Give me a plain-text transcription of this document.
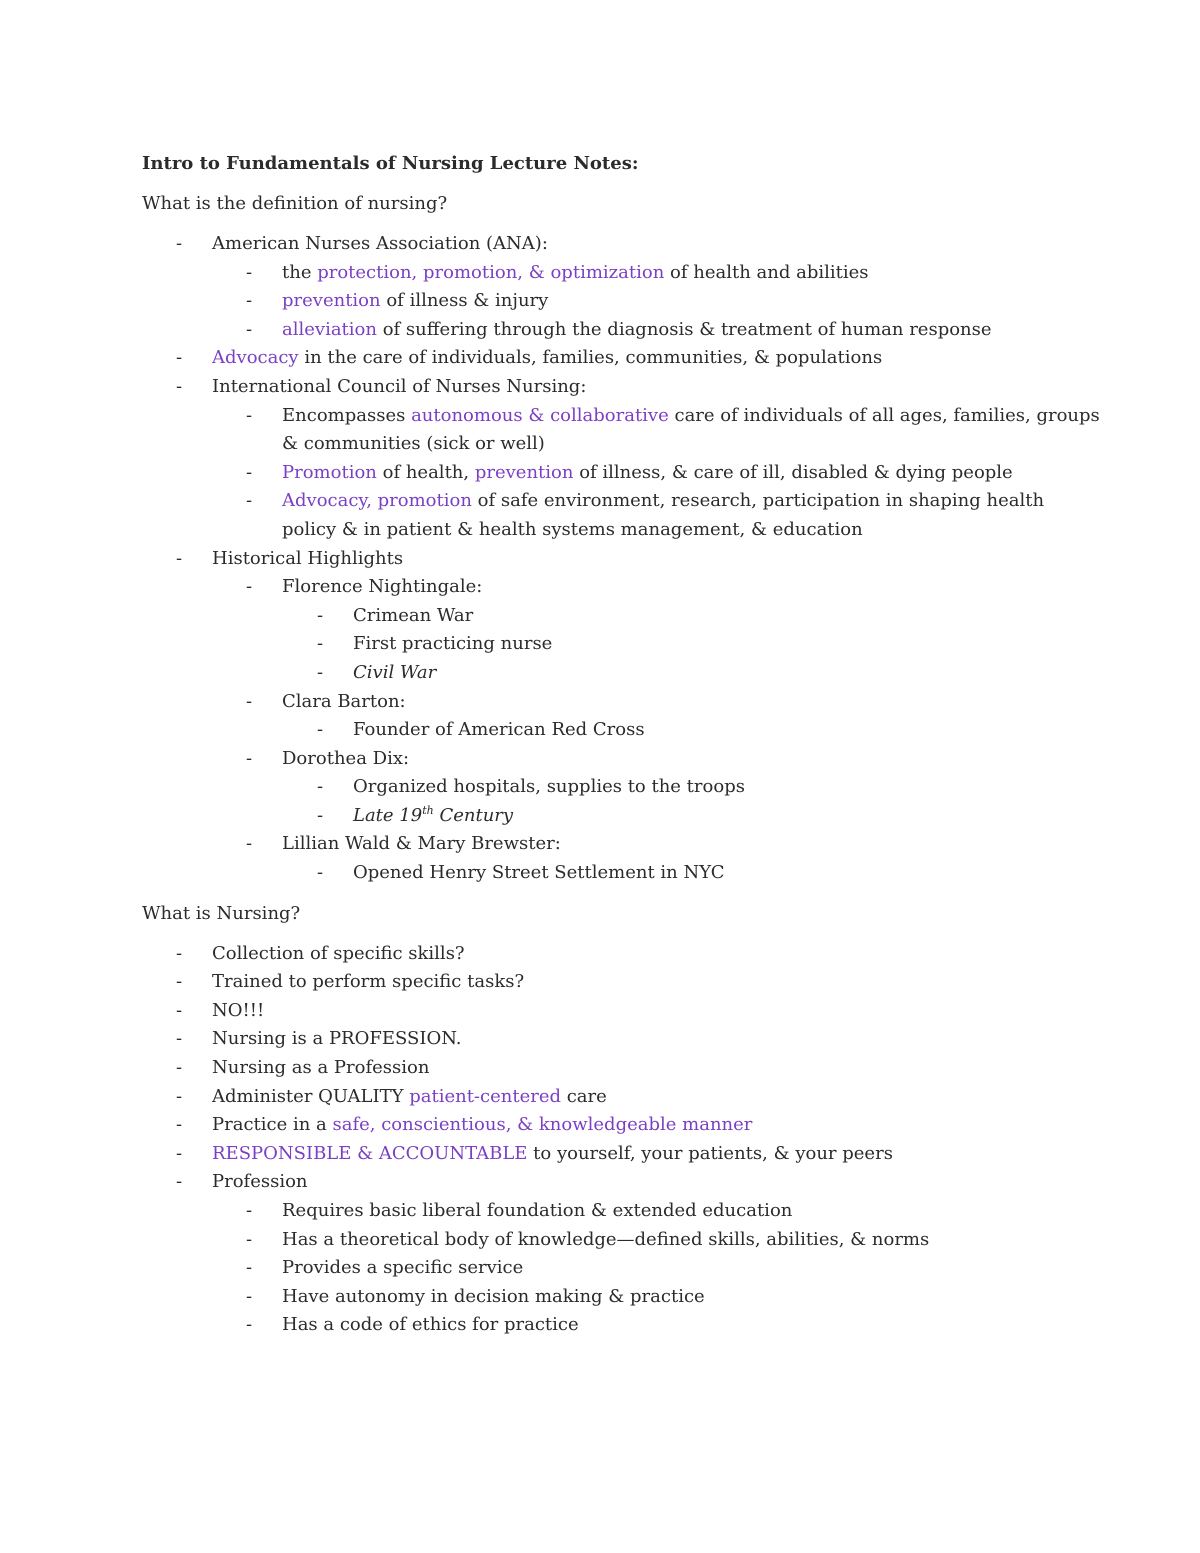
Intro to Fundamentals of Nursing Lecture Notes:
What is the definition of nursing?
- American Nurses Association (ANA):
- the protection, promotion, & optimization of health and abilities
- prevention of illness & injury
- alleviation of suffering through the diagnosis & treatment of human response
- Advocacy in the care of individuals, families, communities, & populations
- International Council of Nurses Nursing:
- Encompasses autonomous & collaborative care of individuals of all ages, families, groups & communities (sick or well)
- Promotion of health, prevention of illness, & care of ill, disabled & dying people
- Advocacy, promotion of safe environment, research, participation in shaping health policy & in patient & health systems management, & education
- Historical Highlights
- Florence Nightingale:
- Crimean War
- First practicing nurse
- Civil War
- Clara Barton:
- Founder of American Red Cross
- Dorothea Dix:
- Organized hospitals, supplies to the troops
- Late 19th Century
- Lillian Wald & Mary Brewster:
- Opened Henry Street Settlement in NYC
What is Nursing?
- Collection of specific skills?
- Trained to perform specific tasks?
- NO!!!
- Nursing is a PROFESSION.
- Nursing as a Profession
- Administer QUALITY patient-centered care
- Practice in a safe, conscientious, & knowledgeable manner
- RESPONSIBLE & ACCOUNTABLE to yourself, your patients, & your peers
- Profession
- Requires basic liberal foundation & extended education
- Has a theoretical body of knowledge—defined skills, abilities, & norms
- Provides a specific service
- Have autonomy in decision making & practice
- Has a code of ethics for practice
